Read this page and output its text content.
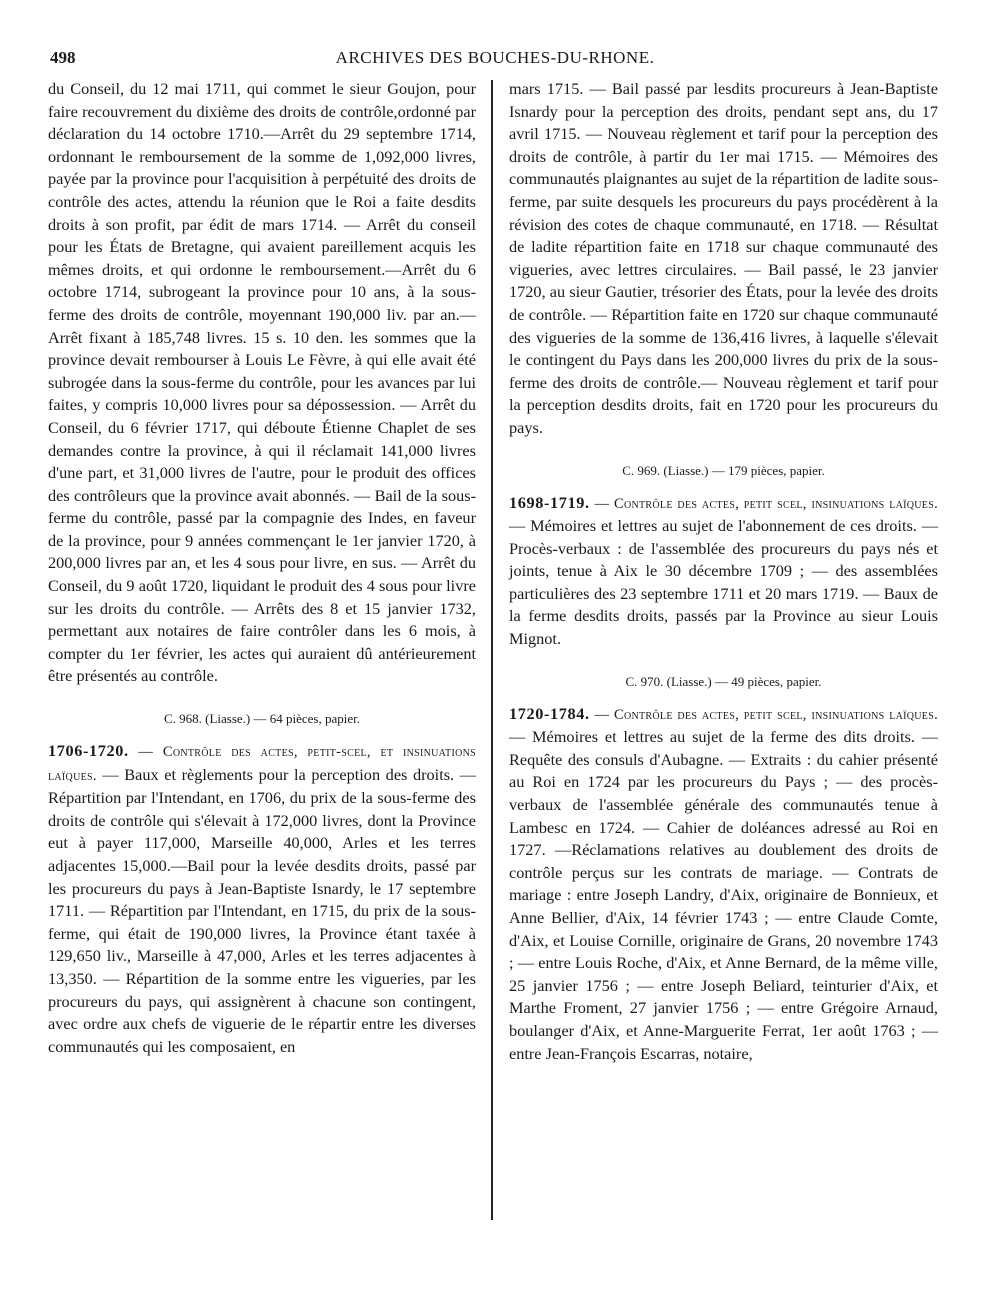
498	ARCHIVES DES BOUCHES-DU-RHONE.

du Conseil, du 12 mai 1711, qui commet le sieur Goujon, pour faire recouvrement du dixième des droits de contrôle,ordonné par déclaration du 14 octobre 1710.—Arrêt du 29 septembre 1714, ordonnant le remboursement de la somme de 1,092,000 livres, payée par la province pour l'acquisition à perpétuité des droits de contrôle des actes, attendu la réunion que le Roi a faite desdits droits à son profit, par édit de mars 1714. — Arrêt du conseil pour les États de Bretagne, qui avaient pareillement acquis les mêmes droits, et qui ordonne le remboursement.—Arrêt du 6 octobre 1714, subrogeant la province pour 10 ans, à la sous-ferme des droits de contrôle, moyennant 190,000 liv. par an.—Arrêt fixant à 185,748 livres. 15 s. 10 den. les sommes que la province devait rembourser à Louis Le Fèvre, à qui elle avait été subrogée dans la sous-ferme du contrôle, pour les avances par lui faites, y compris 10,000 livres pour sa dépossession. — Arrêt du Conseil, du 6 février 1717, qui déboute Étienne Chaplet de ses demandes contre la province, à qui il réclamait 141,000 livres d'une part, et 31,000 livres de l'autre, pour le produit des offices des contrôleurs que la province avait abonnés. — Bail de la sous-ferme du contrôle, passé par la compagnie des Indes, en faveur de la province, pour 9 années commençant le 1er janvier 1720, à 200,000 livres par an, et les 4 sous pour livre, en sus. — Arrêt du Conseil, du 9 août 1720, liquidant le produit des 4 sous pour livre sur les droits du contrôle. — Arrêts des 8 et 15 janvier 1732, permettant aux notaires de faire contrôler dans les 6 mois, à compter du 1er février, les actes qui auraient dû antérieurement être présentés au contrôle.

C. 968. (Liasse.) — 64 pièces, papier.

1706-1720. — Contrôle des actes, petit-scel, et insinuations laïques. — Baux et règlements pour la perception des droits. — Répartition par l'Intendant, en 1706, du prix de la sous-ferme des droits de contrôle qui s'élevait à 172,000 livres, dont la Province eut à payer 117,000, Marseille 40,000, Arles et les terres adjacentes 15,000.—Bail pour la levée desdits droits, passé par les procureurs du pays à Jean-Baptiste Isnardy, le 17 septembre 1711. — Répartition par l'Intendant, en 1715, du prix de la sous-ferme, qui était de 190,000 livres, la Province étant taxée à 129,650 liv., Marseille à 47,000, Arles et les terres adjacentes à 13,350. — Répartition de la somme entre les vigueries, par les procureurs du pays, qui assignèrent à chacune son contingent, avec ordre aux chefs de viguerie de le répartir entre les diverses communautés qui les composaient, en

mars 1715. — Bail passé par lesdits procureurs à Jean-Baptiste Isnardy pour la perception des droits, pendant sept ans, du 17 avril 1715. — Nouveau règlement et tarif pour la perception des droits de contrôle, à partir du 1er mai 1715. — Mémoires des communautés plaignantes au sujet de la répartition de ladite sous-ferme, par suite desquels les procureurs du pays procédèrent à la révision des cotes de chaque communauté, en 1718. — Résultat de ladite répartition faite en 1718 sur chaque communauté des vigueries, avec lettres circulaires. — Bail passé, le 23 janvier 1720, au sieur Gautier, trésorier des États, pour la levée des droits de contrôle. — Répartition faite en 1720 sur chaque communauté des vigueries de la somme de 136,416 livres, à laquelle s'élevait le contingent du Pays dans les 200,000 livres du prix de la sous-ferme des droits de contrôle.— Nouveau règlement et tarif pour la perception desdits droits, fait en 1720 pour les procureurs du pays.

C. 969. (Liasse.) — 179 pièces, papier.

1698-1719. — Contrôle des actes, petit scel, insinuations laïques. — Mémoires et lettres au sujet de l'abonnement de ces droits. — Procès-verbaux : de l'assemblée des procureurs du pays nés et joints, tenue à Aix le 30 décembre 1709 ; — des assemblées particulières des 23 septembre 1711 et 20 mars 1719. — Baux de la ferme desdits droits, passés par la Province au sieur Louis Mignot.

C. 970. (Liasse.) — 49 pièces, papier.

1720-1784. — Contrôle des actes, petit scel, insinuations laïques. — Mémoires et lettres au sujet de la ferme des dits droits. — Requête des consuls d'Aubagne. — Extraits : du cahier présenté au Roi en 1724 par les procureurs du Pays ; — des procès-verbaux de l'assemblée générale des communautés tenue à Lambesc en 1724. — Cahier de doléances adressé au Roi en 1727. —Réclamations relatives au doublement des droits de contrôle perçus sur les contrats de mariage. — Contrats de mariage : entre Joseph Landry, d'Aix, originaire de Bonnieux, et Anne Bellier, d'Aix, 14 février 1743 ; — entre Claude Comte, d'Aix, et Louise Cornille, originaire de Grans, 20 novembre 1743 ; — entre Louis Roche, d'Aix, et Anne Bernard, de la même ville, 25 janvier 1756 ; — entre Joseph Beliard, teinturier d'Aix, et Marthe Froment, 27 janvier 1756 ; — entre Grégoire Arnaud, boulanger d'Aix, et Anne-Marguerite Ferrat, 1er août 1763 ; — entre Jean-François Escarras, notaire,
